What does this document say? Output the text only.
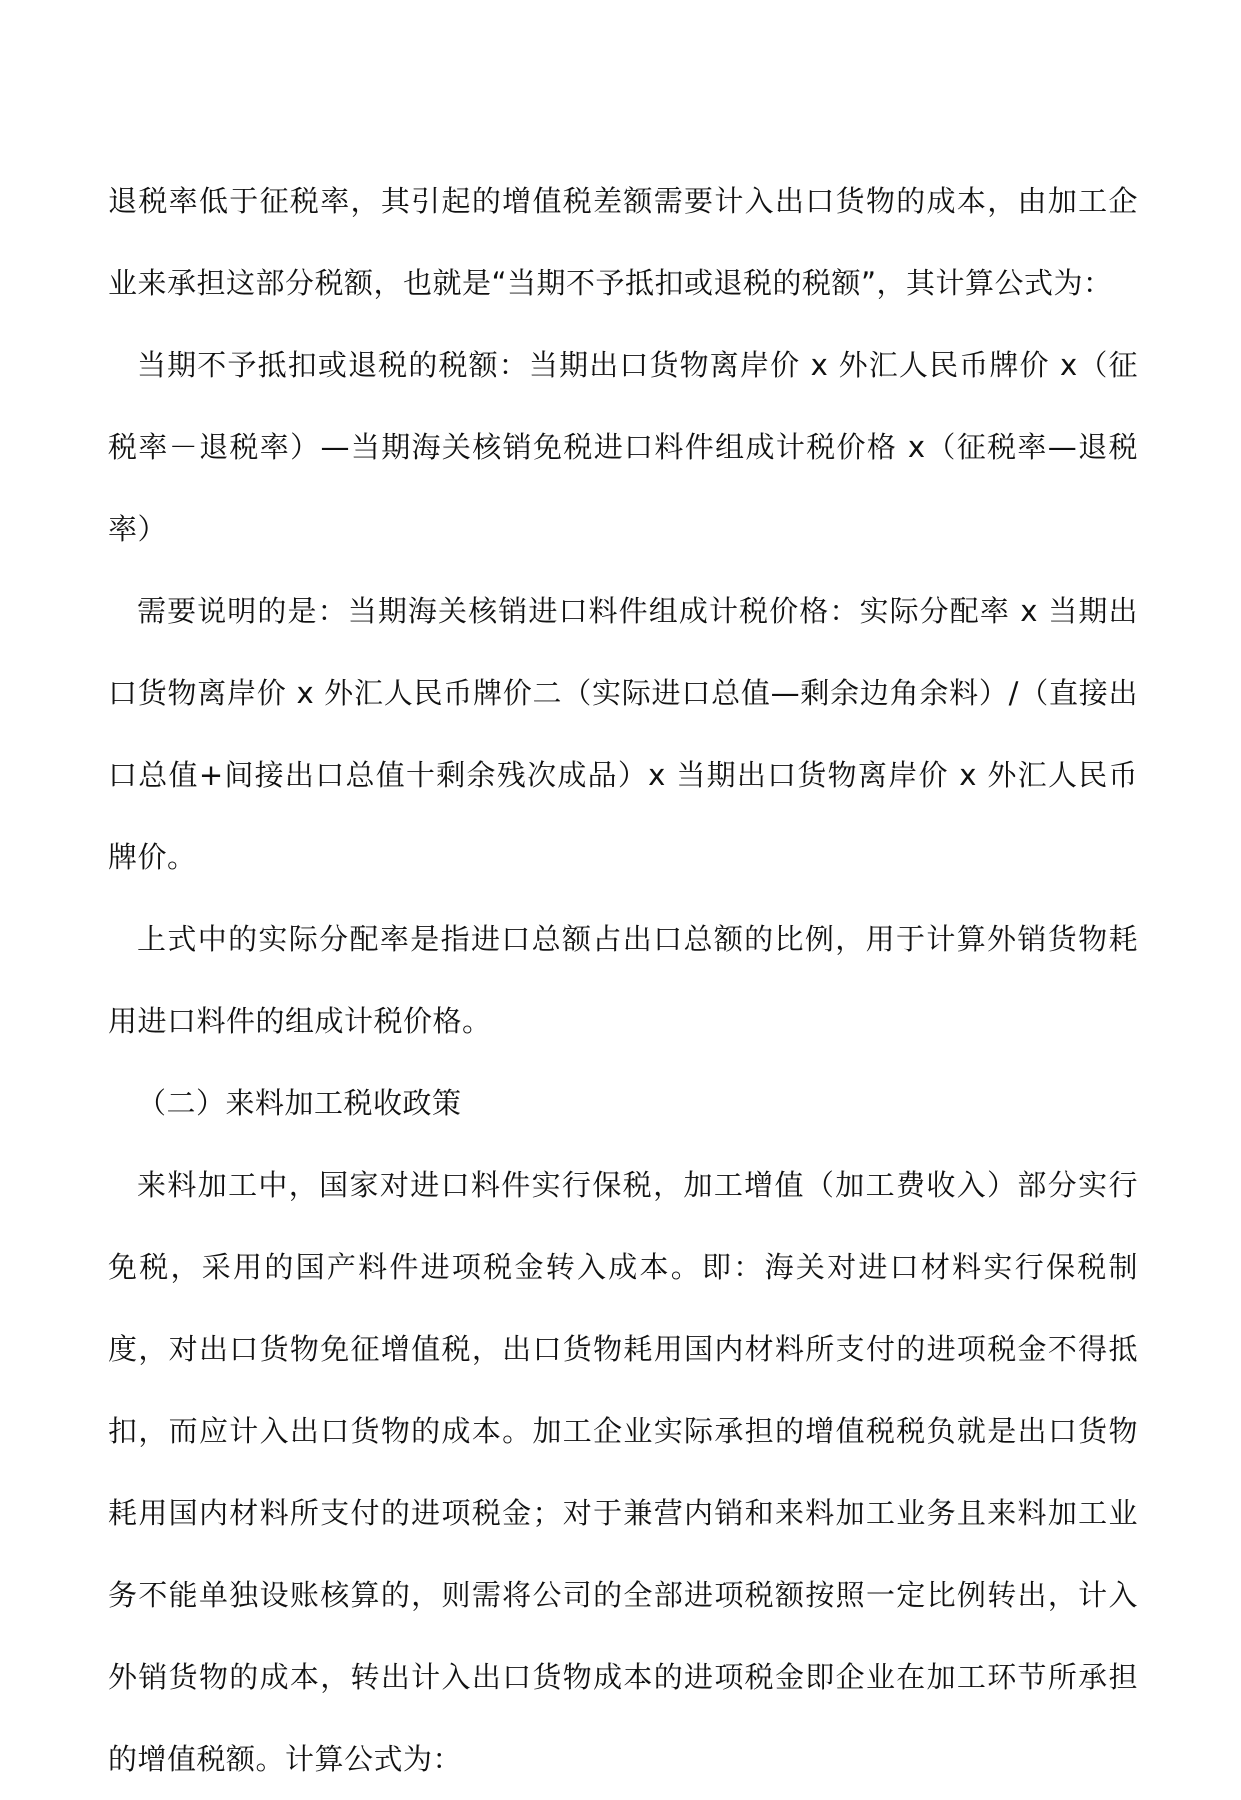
退税率低于征税率，其引起的增值税差额需要计入出口货物的成本，由加工企业来承担这部分税额，也就是“当期不予抵扣或退税的税额”，其计算公式为：

当期不予抵扣或退税的税额：当期出口货物离岸价 x 外汇人民币牌价 x（征税率－退税率）—当期海关核销免税进口料件组成计税价格 x（征税率—退税率）

需要说明的是：当期海关核销进口料件组成计税价格：实际分配率 x 当期出口货物离岸价 x 外汇人民币牌价二（实际进口总值—剩余边角余料）/（直接出口总值+间接出口总值十剩余残次成品）x 当期出口货物离岸价 x 外汇人民币牌价。

上式中的实际分配率是指进口总额占出口总额的比例，用于计算外销货物耗用进口料件的组成计税价格。

（二）来料加工税收政策

来料加工中，国家对进口料件实行保税，加工增值（加工费收入）部分实行免税，采用的国产料件进项税金转入成本。即：海关对进口材料实行保税制度，对出口货物免征增值税，出口货物耗用国内材料所支付的进项税金不得抵扣，而应计入出口货物的成本。加工企业实际承担的增值税税负就是出口货物耗用国内材料所支付的进项税金；对于兼营内销和来料加工业务且来料加工业务不能单独设账核算的，则需将公司的全部进项税额按照一定比例转出，计入外销货物的成本，转出计入出口货物成本的进项税金即企业在加工环节所承担的增值税额。计算公式为：
